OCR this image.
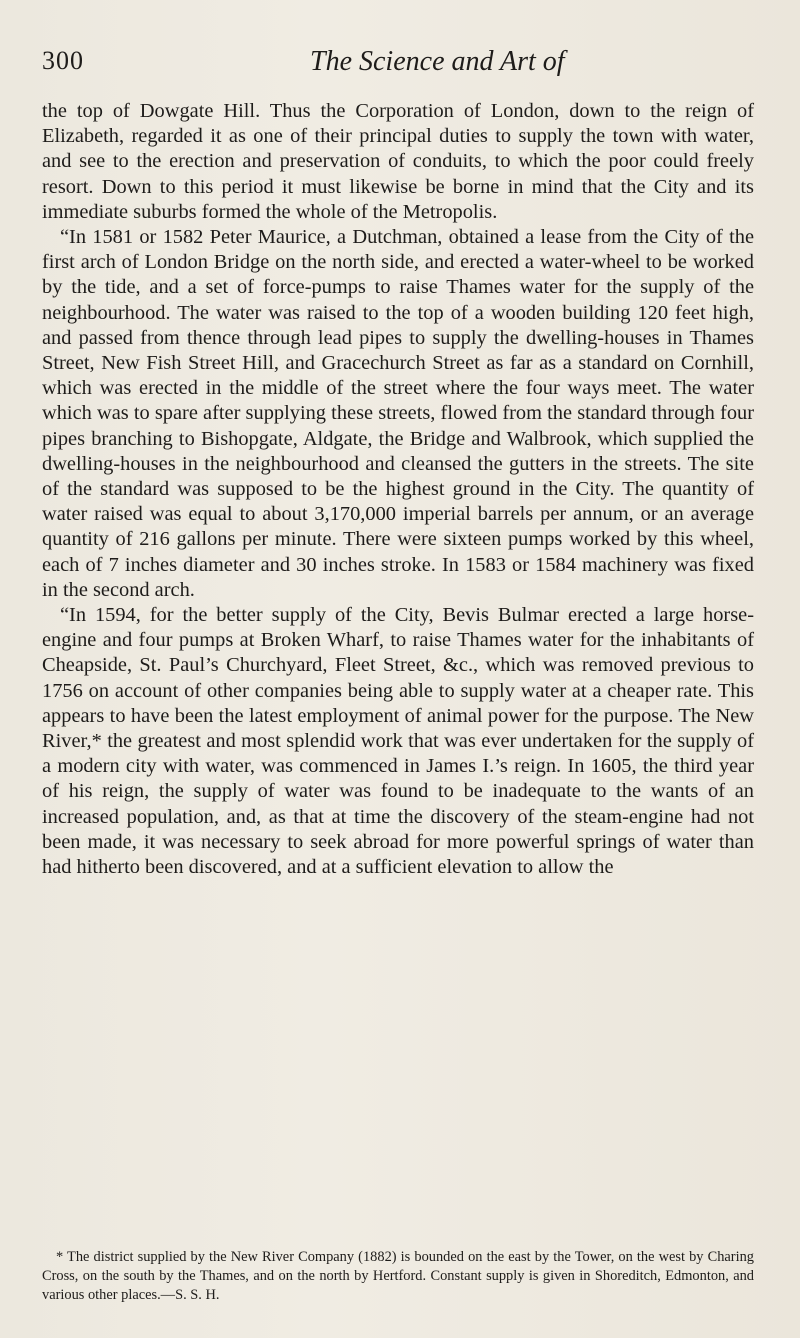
300	The Science and Art of

the top of Dowgate Hill. Thus the Corporation of London, down to the reign of Elizabeth, regarded it as one of their principal duties to supply the town with water, and see to the erection and preservation of conduits, to which the poor could freely resort. Down to this period it must likewise be borne in mind that the City and its immediate suburbs formed the whole of the Metropolis.

“In 1581 or 1582 Peter Maurice, a Dutchman, obtained a lease from the City of the first arch of London Bridge on the north side, and erected a water-wheel to be worked by the tide, and a set of force-pumps to raise Thames water for the supply of the neighbourhood. The water was raised to the top of a wooden building 120 feet high, and passed from thence through lead pipes to supply the dwelling-houses in Thames Street, New Fish Street Hill, and Gracechurch Street as far as a standard on Cornhill, which was erected in the middle of the street where the four ways meet. The water which was to spare after supplying these streets, flowed from the standard through four pipes branching to Bishopgate, Aldgate, the Bridge and Walbrook, which supplied the dwelling-houses in the neighbourhood and cleansed the gutters in the streets. The site of the standard was supposed to be the highest ground in the City. The quantity of water raised was equal to about 3,170,000 imperial barrels per annum, or an average quantity of 216 gallons per minute. There were sixteen pumps worked by this wheel, each of 7 inches diameter and 30 inches stroke. In 1583 or 1584 machinery was fixed in the second arch.

“In 1594, for the better supply of the City, Bevis Bulmar erected a large horse-engine and four pumps at Broken Wharf, to raise Thames water for the inhabitants of Cheapside, St. Paul’s Churchyard, Fleet Street, &c., which was removed previous to 1756 on account of other companies being able to supply water at a cheaper rate. This appears to have been the latest employment of animal power for the purpose. The New River,* the greatest and most splendid work that was ever undertaken for the supply of a modern city with water, was commenced in James I.’s reign. In 1605, the third year of his reign, the supply of water was found to be inadequate to the wants of an increased population, and, as that at time the discovery of the steam-engine had not been made, it was necessary to seek abroad for more powerful springs of water than had hitherto been discovered, and at a sufficient elevation to allow the

* The district supplied by the New River Company (1882) is bounded on the east by the Tower, on the west by Charing Cross, on the south by the Thames, and on the north by Hertford. Constant supply is given in Shoreditch, Edmonton, and various other places.—S. S. H.
